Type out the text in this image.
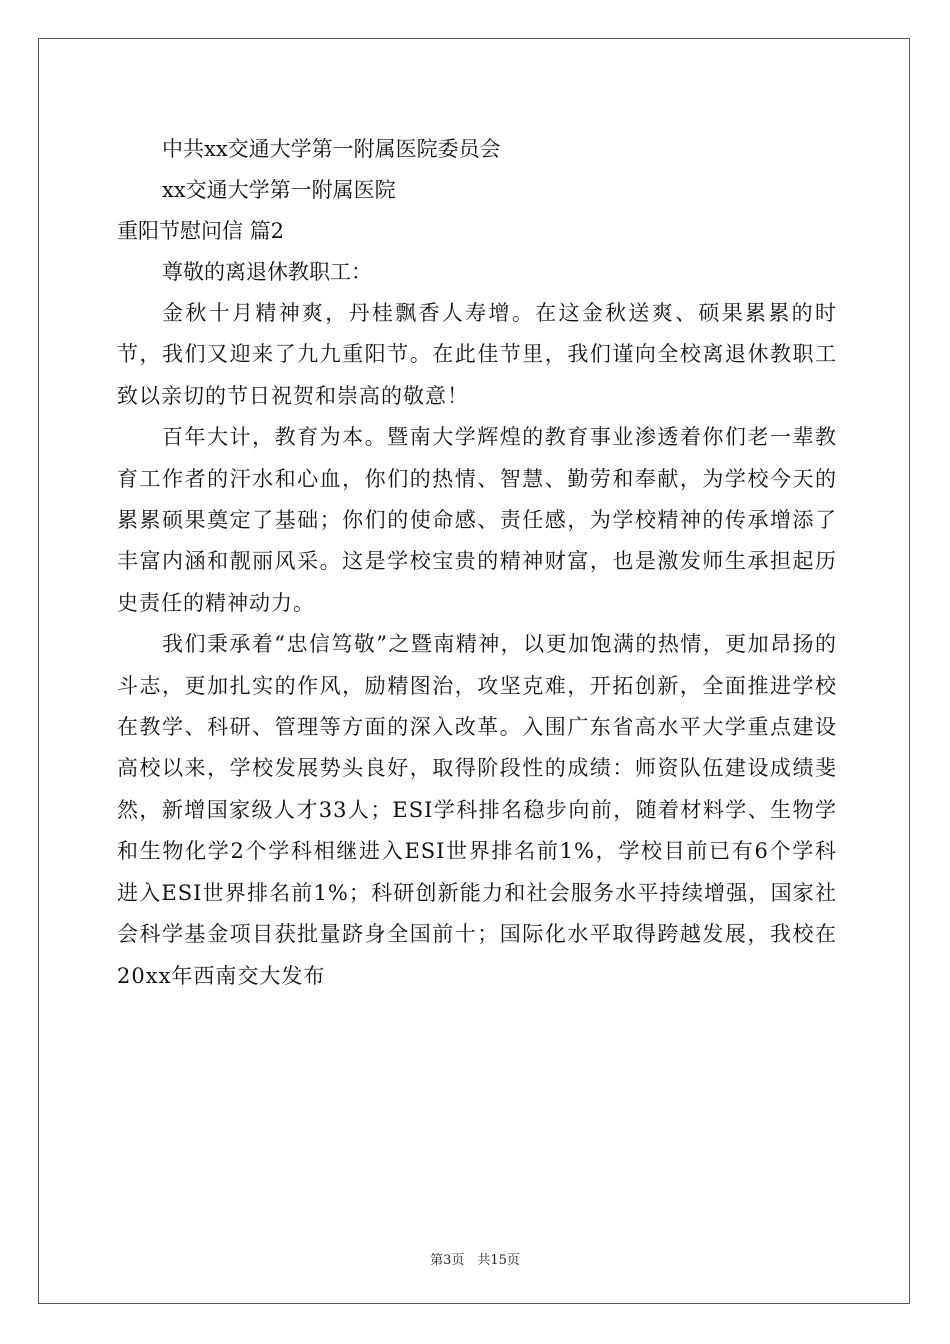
中共xx交通大学第一附属医院委员会
xx交通大学第一附属医院
重阳节慰问信 篇2
尊敬的离退休教职工：
金秋十月精神爽，丹桂飘香人寿增。在这金秋送爽、硕果累累的时节，我们又迎来了九九重阳节。在此佳节里，我们谨向全校离退休教职工致以亲切的节日祝贺和崇高的敬意！
百年大计，教育为本。暨南大学辉煌的教育事业渗透着你们老一辈教育工作者的汗水和心血，你们的热情、智慧、勤劳和奉献，为学校今天的累累硕果奠定了基础；你们的使命感、责任感，为学校精神的传承增添了丰富内涵和靓丽风采。这是学校宝贵的精神财富，也是激发师生承担起历史责任的精神动力。
我们秉承着“忠信笃敬”之暨南精神，以更加饱满的热情，更加昂扬的斗志，更加扎实的作风，励精图治，攻坚克难，开拓创新，全面推进学校在教学、科研、管理等方面的深入改革。入围广东省高水平大学重点建设高校以来，学校发展势头良好，取得阶段性的成绩：师资队伍建设成绩斐然，新增国家级人才33人；ESI学科排名稳步向前，随着材料学、生物学和生物化学2个学科相继进入ESI世界排名前1%，学校目前已有6个学科进入ESI世界排名前1%；科研创新能力和社会服务水平持续增强，国家社会科学基金项目获批量跻身全国前十；国际化水平取得跨越发展，我校在20xx年西南交大发布
第3页　共15页
